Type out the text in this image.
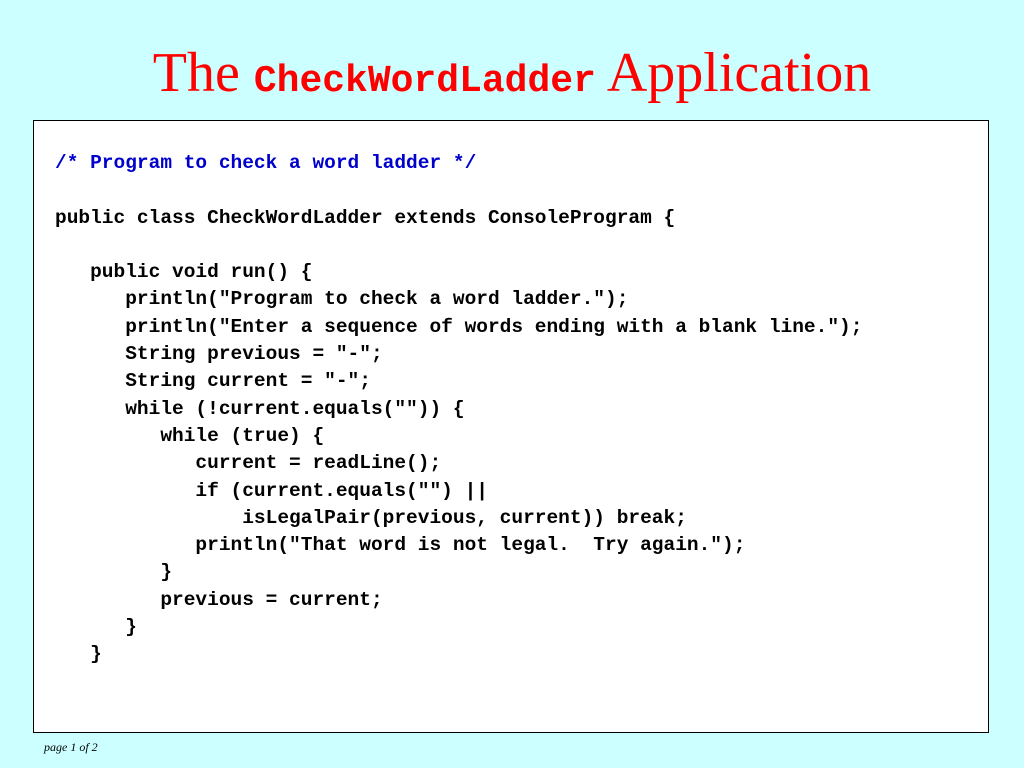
The CheckWordLadder Application
/* Program to check a word ladder */
public class CheckWordLadder extends ConsoleProgram {
public void run() {
println("Program to check a word ladder.");
println("Enter a sequence of words ending with a blank line.");
String previous = "-";
String current = "-";
while (!current.equals("")) {
while (true) {
current = readLine();
if (current.equals("") ||
isLegalPair(previous, current)) break;
println("That word is not legal.  Try again.");
}
previous = current;
}
}
page 1 of 2
